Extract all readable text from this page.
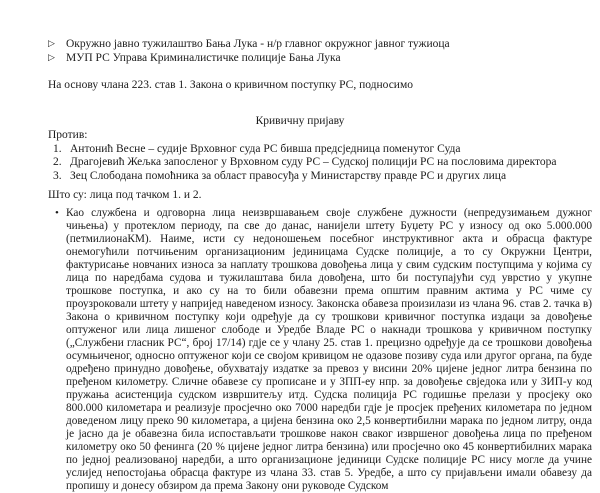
▷ Окружно јавно тужилаштво Бања Лука - н/р главног окружног јавног тужиоца
▷ МУП РС Управа Криминалистичке полиције Бања Лука
На основу члана 223. став 1. Закона о кривичном поступку РС, подносимо
Кривичну пријаву
Против:
1. Антонић Весне – судије Врховног суда РС бивша предсједница поменутог Суда
2. Драгојевић Жељка запосленог у Врховном суду РС – Судској полицији РС на пословима директора
3. Зец Слободана помоћника за област правосуђа у Министарству правде РС и других лица
Што су: лица под тачком 1. и 2.
• Као службена и одговорна лица неизвршавањем своје службене дужности (непредузимањем дужног чињења) у протеклом периоду, па све до данас, нанијели штету Буџету РС у износу од око 5.000.000 (петмилионаКМ). Наиме, исти су недоношењем посебног инструктивног акта и обрасца фактуре онемогућили потчињеним организационим јединицама Судске полиције, а то су Окружни Центри, фактурисање новчаних износа за наплату трошкова довођења лица у свим судским поступцима у којима су лица по наредбама судова и тужилаштава била довођена, што би поступајући суд уврстио у укупне трошкове поступка, и ако су на то били обавезни према општим правним актима у РС чиме су проузроковали штету у напријед наведеном износу. Законска обавеза произилази из члана 96. став 2. тачка в) Закона о кривичном поступку који одређује да су трошкови кривичног поступка издаци за довођење оптуженог или лица лишеног слободе и Уредбе Владе РС о накнади трошкова у кривичном поступку („Службени гласник РС“, број 17/14) гдје се у члану 25. став 1. прецизно одређује да се трошкови довођења осумњиченог, односно оптуженог који се својом кривицом не одазове позиву суда или другог органа, па буде одређено принудно довођење, обухватају издатке за превоз у висини 20% цијене једног литра бензина по пређеном километру. Сличне обавезе су прописане и у ЗПП-еу нпр. за довођење свједока или у ЗИП-у код пружања асистенција судском извршитељу итд. Судска полиција РС годишње прелази у просјеку око 800.000 километара и реализује просјечно око 7000 наредби гдје је просјек пређених километара по једном доведеном лицу преко 90 километара, а цијена бензина око 2,5 конвертибилни марака по једном литру, онда је јасно да је обавезна била испостављати трошкове након сваког извршеног довођења лица по пређеном километру око 50 фенинга (20 % цијене једног литра бензина) или просјечно око 45 конвертибилних марака по једној реализованој наредби, а што организационе јединици Судске полиције РС нису могле да учине услијед непостојања обрасца фактуре из члана 33. став 5. Уредбе, а што су пријављени имали обавезу да пропишу и донесу обзиром да према Закону они руководе Судском
